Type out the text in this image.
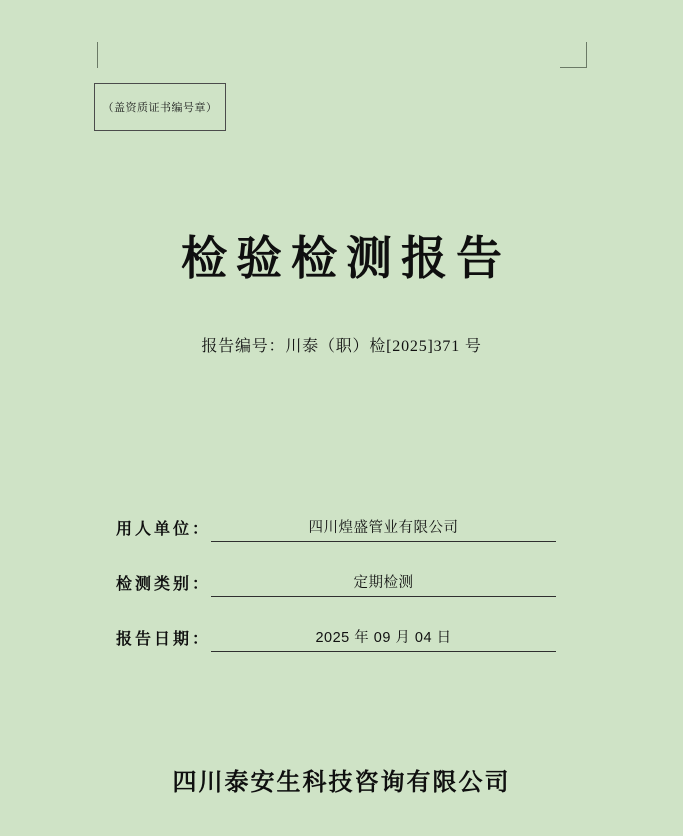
（盖资质证书编号章）
检验检测报告
报告编号：川泰（职）检[2025]371 号
用人单位：	四川煌盛管业有限公司
检测类别：	定期检测
报告日期：	2025 年 09 月 04 日
四川泰安生科技咨询有限公司
